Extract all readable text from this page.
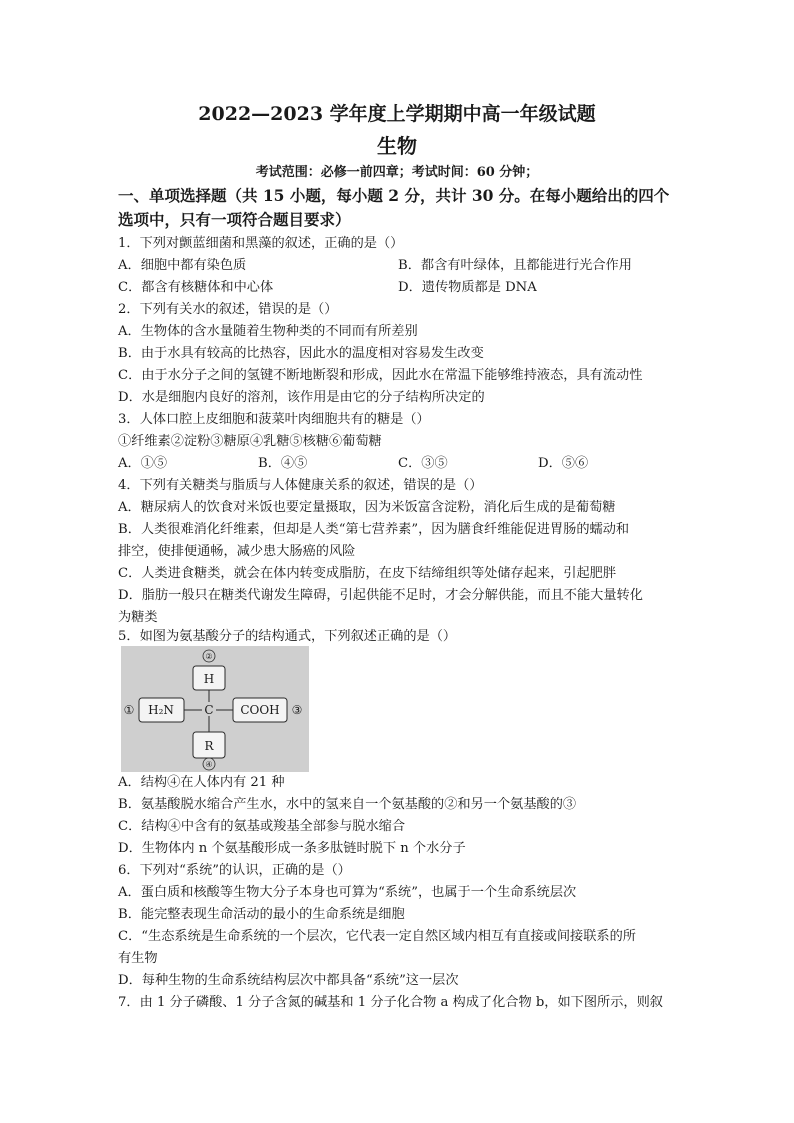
2022—2023 学年度上学期期中高一年级试题
生物
考试范围：必修一前四章；考试时间：60 分钟；
一、单项选择题（共 15 小题，每小题 2 分，共计 30 分。在每小题给出的四个
选项中，只有一项符合题目要求）
1．下列对颤蓝细菌和黑藻的叙述，正确的是（）
A．细胞中都有染色质	B．都含有叶绿体，且都能进行光合作用
C．都含有核糖体和中心体	D．遗传物质都是 DNA
2．下列有关水的叙述，错误的是（）
A．生物体的含水量随着生物种类的不同而有所差别
B．由于水具有较高的比热容，因此水的温度相对容易发生改变
C．由于水分子之间的氢键不断地断裂和形成，因此水在常温下能够维持液态，具有流动性
D．水是细胞内良好的溶剂，该作用是由它的分子结构所决定的
3．人体口腔上皮细胞和菠菜叶肉细胞共有的糖是（）
①纤维素②淀粉③糖原④乳糖⑤核糖⑥葡萄糖
A．①⑤	B．④⑤	C．③⑤	D．⑤⑥
4．下列有关糖类与脂质与人体健康关系的叙述，错误的是（）
A．糖尿病人的饮食对米饭也要定量摄取，因为米饭富含淀粉，消化后生成的是葡萄糖
B．人类很难消化纤维素，但却是人类“第七营养素”，因为膳食纤维能促进胃肠的蠕动和
排空，使排便通畅，减少患大肠癌的风险
C．人类进食糖类，就会在体内转变成脂肪，在皮下结缔组织等处储存起来，引起肥胖
D．脂肪一般只在糖类代谢发生障碍，引起供能不足时，才会分解供能，而且不能大量转化
为糖类
5．如图为氨基酸分子的结构通式，下列叙述正确的是（）
②
①	③
④
H
H₂N	C COOH
R
A．结构④在人体内有 21 种
B．氨基酸脱水缩合产生水，水中的氢来自一个氨基酸的②和另一个氨基酸的③
C．结构④中含有的氨基或羧基全部参与脱水缩合
D．生物体内 n 个氨基酸形成一条多肽链时脱下 n 个水分子
6．下列对“系统”的认识，正确的是（）
A．蛋白质和核酸等生物大分子本身也可算为“系统”，也属于一个生命系统层次
B．能完整表现生命活动的最小的生命系统是细胞
C．“生态系统是生命系统的一个层次，它代表一定自然区域内相互有直接或间接联系的所
有生物
D．每种生物的生命系统结构层次中都具备“系统”这一层次
7．由 1 分子磷酸、1 分子含氮的碱基和 1 分子化合物 a 构成了化合物 b，如下图所示，则叙
